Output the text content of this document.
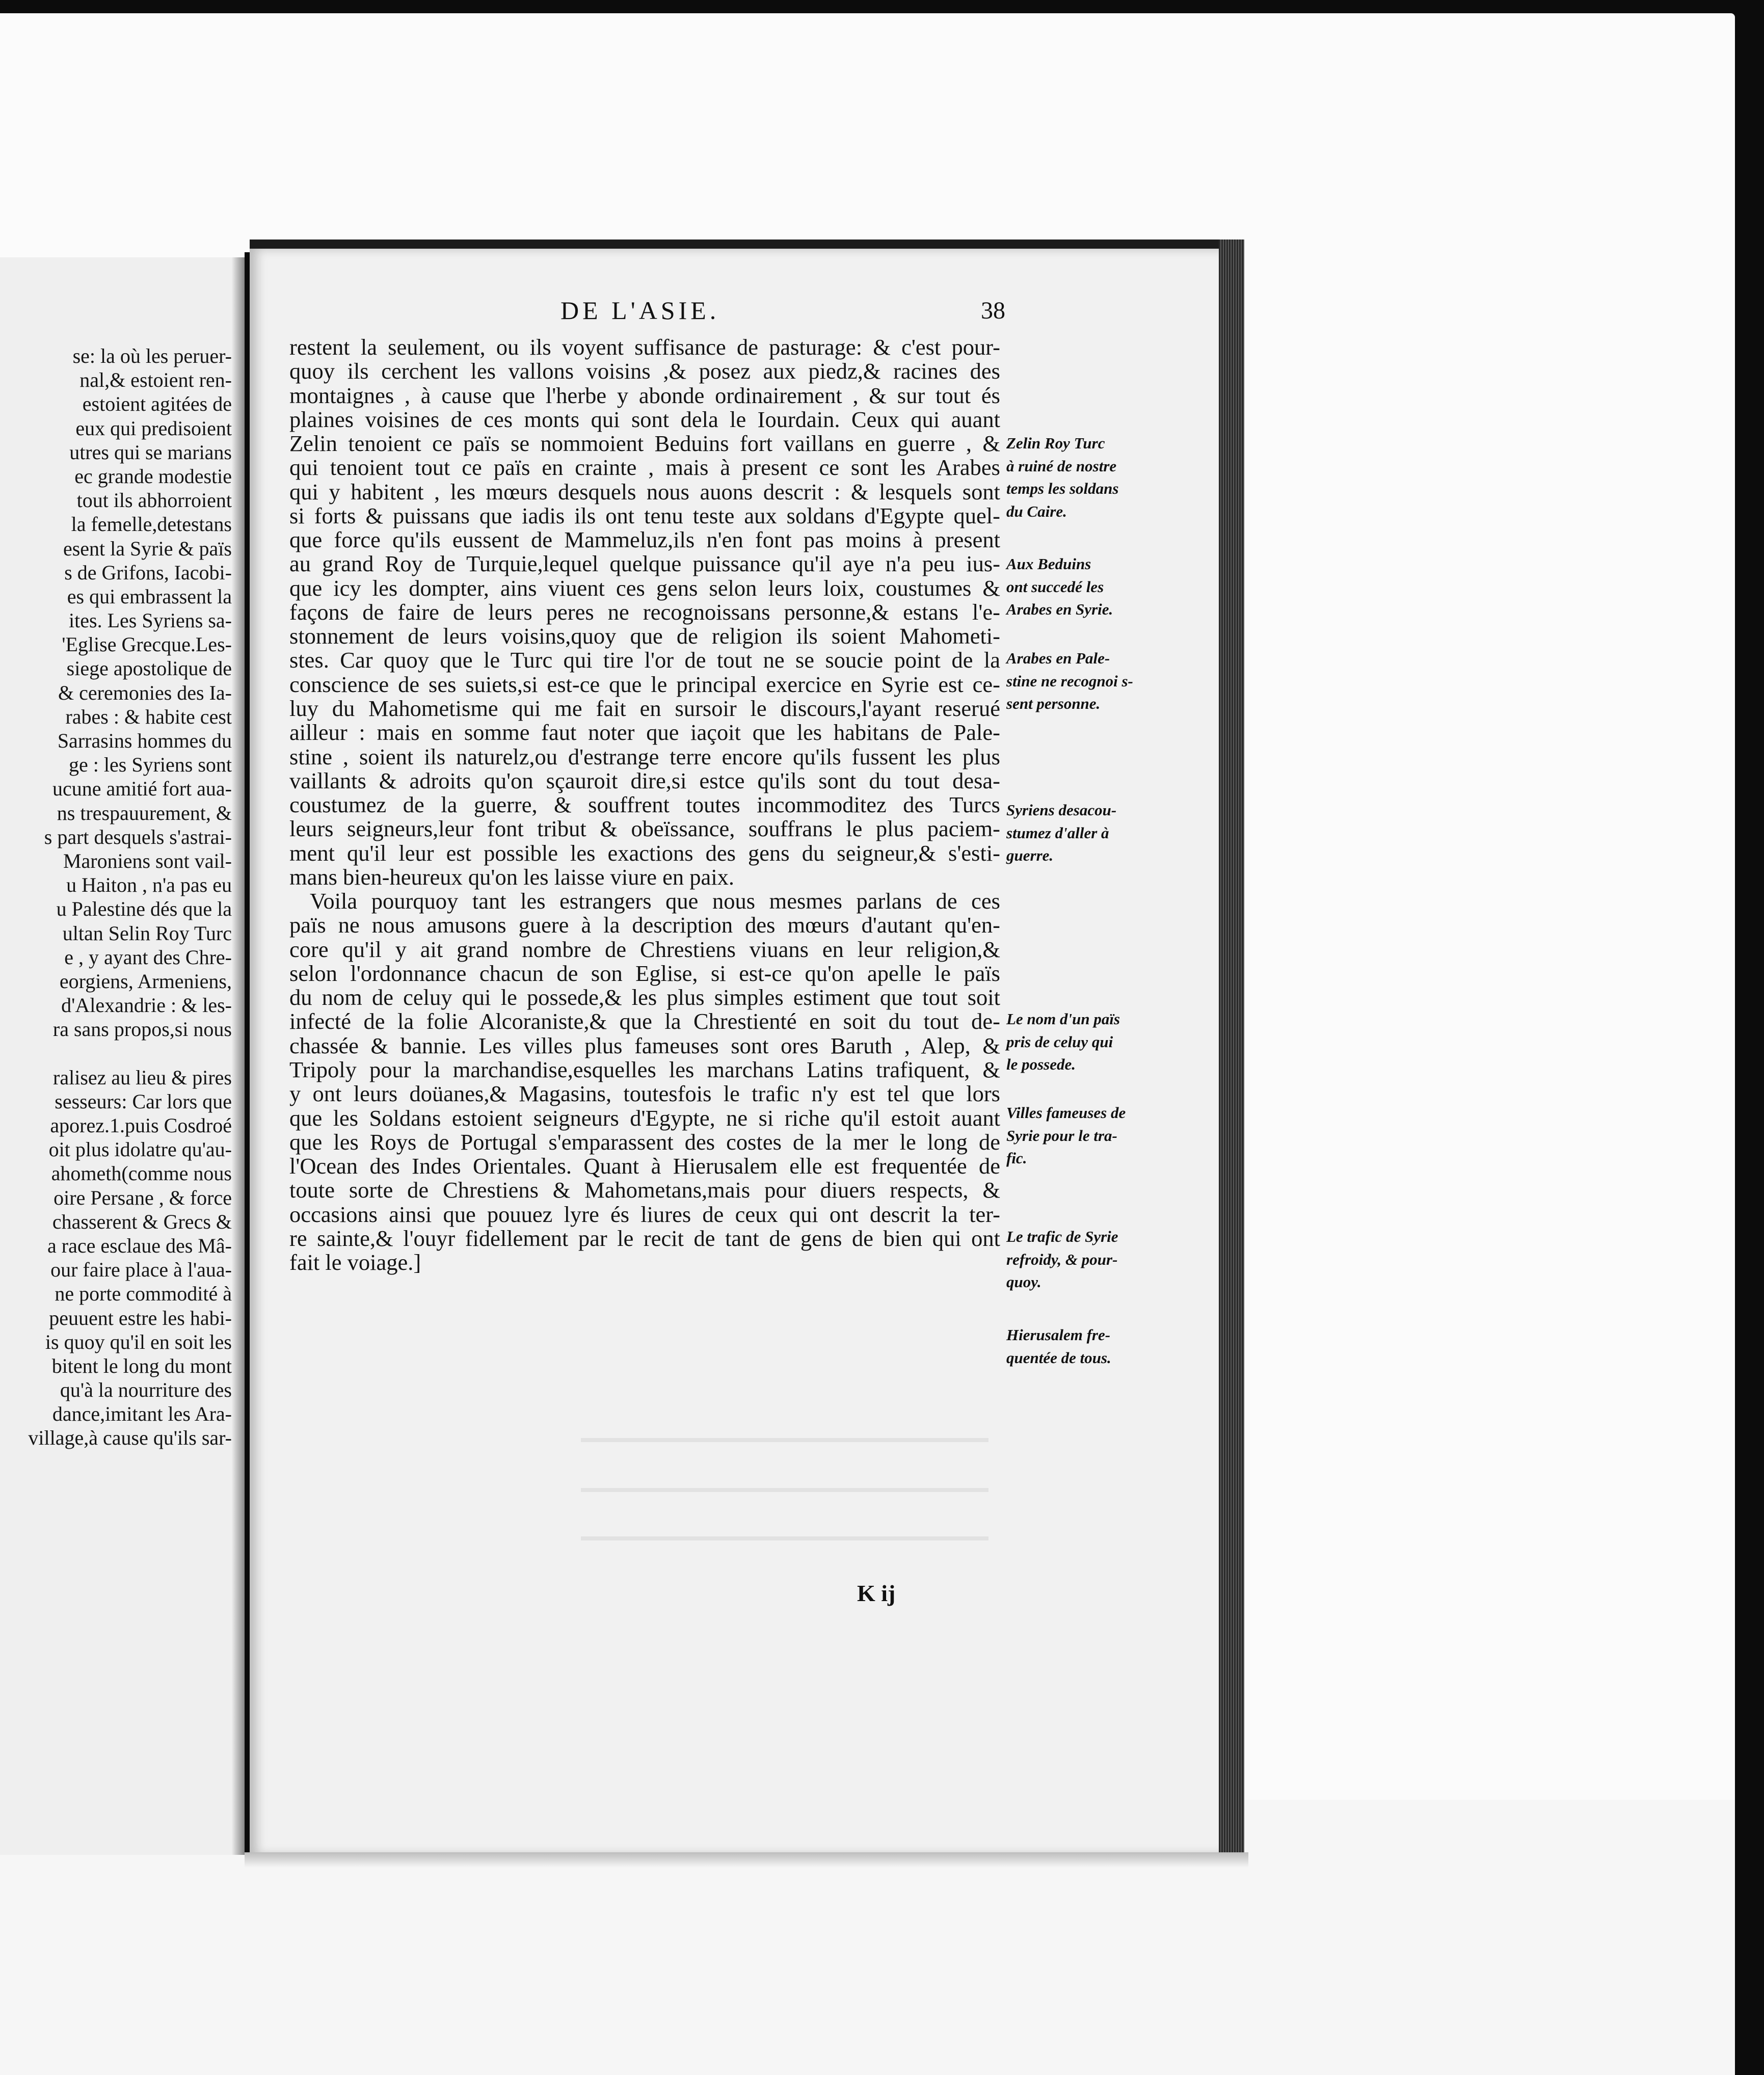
se: la où les peruer-
nal,& estoient ren-
estoient agitées de
eux qui predisoient
utres qui se marians
ec grande modestie
tout ils abhorroient
la femelle,detestans
esent la Syrie & païs
s de Grifons, Iacobi-
es qui embrassent la
ites. Les Syriens sa-
'Eglise Grecque.Les-
siege apostolique de
& ceremonies des Ia-
rabes : & habite cest
Sarrasins hommes du
ge : les Syriens sont
ucune amitié fort aua-
ns trespauurement, &
s part desquels s'astrai-
Maroniens sont vail-
u Haiton , n'a pas eu
u Palestine dés que la
ultan Selin Roy Turc
e , y ayant des Chre-
eorgiens, Armeniens,
d'Alexandrie : & les-
ra sans propos,si nous
ralisez au lieu & pires
sesseurs: Car lors que
aporez.1.puis Cosdroé
oit plus idolatre qu'au-
ahometh(comme nous
oire Persane , & force
chasserent & Grecs &
a race esclaue des Mâ-
our faire place à l'aua-
ne porte commodité à
peuuent estre les habi-
is quoy qu'il en soit les
bitent le long du mont
qu'à la nourriture des
dance,imitant les Ara-
village,à cause qu'ils sar-
DE L'ASIE.	38
restent la seulement, ou ils voyent suffisance de pasturage: & c'est pour-
quoy ils cerchent les vallons voisins ,& posez aux piedz,& racines des
montaignes , à cause que l'herbe y abonde ordinairement , & sur tout és
plaines voisines de ces monts qui sont dela le Iourdain. Ceux qui auant
Zelin tenoient ce païs se nommoient Beduins fort vaillans en guerre , &
qui tenoient tout ce païs en crainte , mais à present ce sont les Arabes
qui y habitent , les mœurs desquels nous auons descrit : & lesquels sont
si forts & puissans que iadis ils ont tenu teste aux soldans d'Egypte quel-
que force qu'ils eussent de Mammeluz,ils n'en font pas moins à present
au grand Roy de Turquie,lequel quelque puissance qu'il aye n'a peu ius-
que icy les dompter, ains viuent ces gens selon leurs loix, coustumes &
façons de faire de leurs peres ne recognoissans personne,& estans l'e-
stonnement de leurs voisins,quoy que de religion ils soient Mahometi-
stes. Car quoy que le Turc qui tire l'or de tout ne se soucie point de la
conscience de ses suiets,si est-ce que le principal exercice en Syrie est ce-
luy du Mahometisme qui me fait en sursoir le discours,l'ayant reserué
ailleur : mais en somme faut noter que iaçoit que les habitans de Pale-
stine , soient ils naturelz,ou d'estrange terre encore qu'ils fussent les plus
vaillants & adroits qu'on sçauroit dire,si estce qu'ils sont du tout desa-
coustumez de la guerre, & souffrent toutes incommoditez des Turcs
leurs seigneurs,leur font tribut & obeïssance, souffrans le plus paciem-
ment qu'il leur est possible les exactions des gens du seigneur,& s'esti-
mans bien-heureux qu'on les laisse viure en paix.
Voila pourquoy tant les estrangers que nous mesmes parlans de ces
païs ne nous amusons guere à la description des mœurs d'autant qu'en-
core qu'il y ait grand nombre de Chrestiens viuans en leur religion,&
selon l'ordonnance chacun de son Eglise, si est-ce qu'on apelle le païs
du nom de celuy qui le possede,& les plus simples estiment que tout soit
infecté de la folie Alcoraniste,& que la Chrestienté en soit du tout de-
chassée & bannie. Les villes plus fameuses sont ores Baruth , Alep, &
Tripoly pour la marchandise,esquelles les marchans Latins trafiquent, &
y ont leurs doüanes,& Magasins, toutesfois le trafic n'y est tel que lors
que les Soldans estoient seigneurs d'Egypte, ne si riche qu'il estoit auant
que les Roys de Portugal s'emparassent des costes de la mer le long de
l'Ocean des Indes Orientales. Quant à Hierusalem elle est frequentée de
toute sorte de Chrestiens & Mahometans,mais pour diuers respects, &
occasions ainsi que pouuez lyre és liures de ceux qui ont descrit la ter-
re sainte,& l'ouyr fidellement par le recit de tant de gens de bien qui ont
fait le voiage.]
Zelin Roy Turc
à ruiné de nostre
temps les soldans
du Caire.
Aux Beduins
ont succedé les
Arabes en Syrie.
Arabes en Pale-
stine ne recognoi s-
sent personne.
Syriens desacou-
stumez d'aller à
guerre.
Le nom d'un païs
pris de celuy qui
le possede.
Villes fameuses de
Syrie pour le tra-
fic.
Le trafic de Syrie
refroidy, & pour-
quoy.
Hierusalem fre-
quentée de tous.
K ij
